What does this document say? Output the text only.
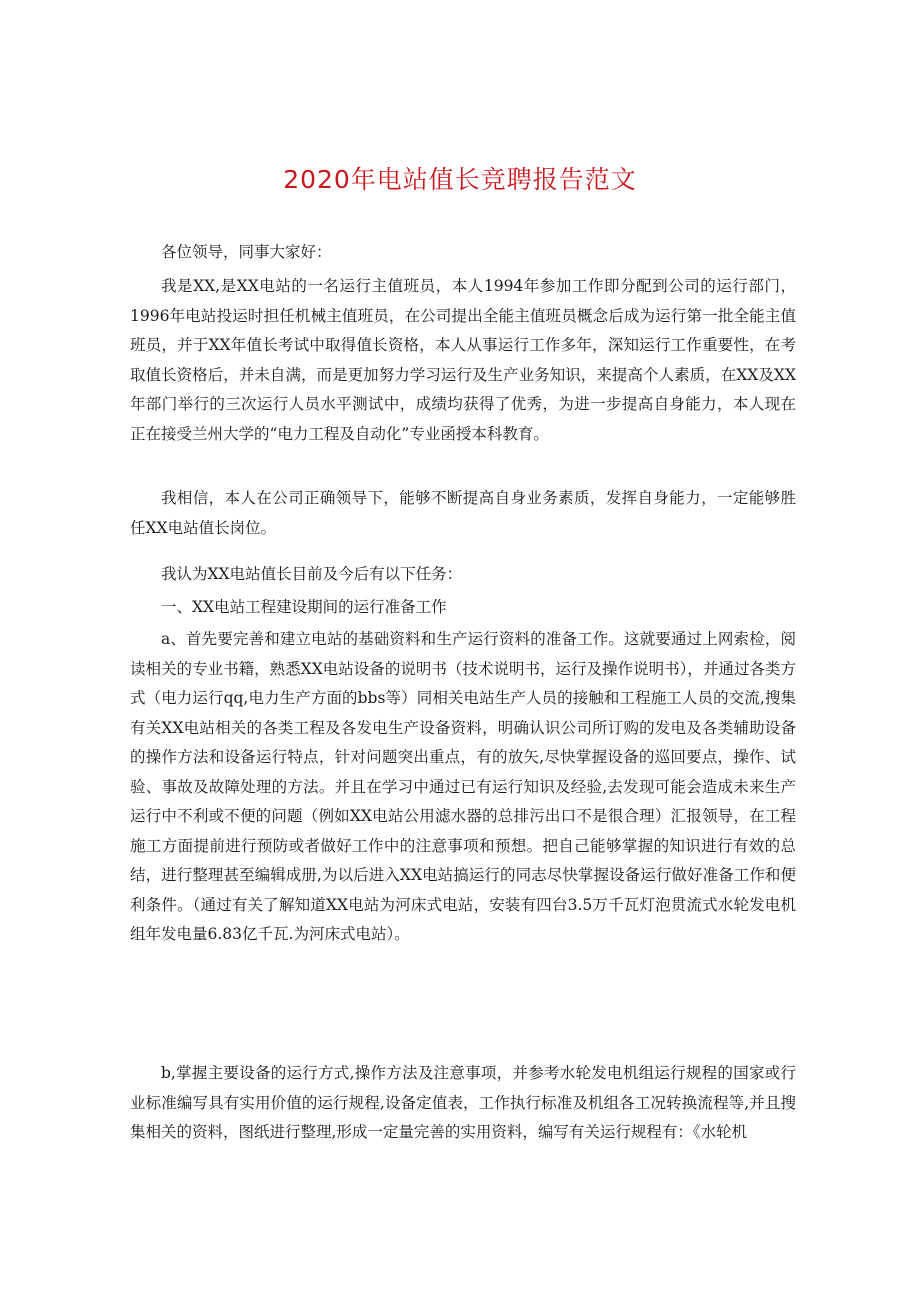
2020年电站值长竞聘报告范文

各位领导，同事大家好：

我是XX,是XX电站的一名运行主值班员，本人1994年参加工作即分配到公司的运行部门，1996年电站投运时担任机械主值班员，在公司提出全能主值班员概念后成为运行第一批全能主值班员，并于XX年值长考试中取得值长资格，本人从事运行工作多年，深知运行工作重要性，在考取值长资格后，并未自满，而是更加努力学习运行及生产业务知识，来提高个人素质，在XX及XX年部门举行的三次运行人员水平测试中，成绩均获得了优秀，为进一步提高自身能力，本人现在正在接受兰州大学的“电力工程及自动化”专业函授本科教育。

我相信，本人在公司正确领导下，能够不断提高自身业务素质，发挥自身能力，一定能够胜任XX电站值长岗位。

我认为XX电站值长目前及今后有以下任务：

一、XX电站工程建设期间的运行准备工作

a、首先要完善和建立电站的基础资料和生产运行资料的准备工作。这就要通过上网索检，阅读相关的专业书籍，熟悉XX电站设备的说明书（技术说明书，运行及操作说明书），并通过各类方式（电力运行qq,电力生产方面的bbs等）同相关电站生产人员的接触和工程施工人员的交流,搜集有关XX电站相关的各类工程及各发电生产设备资料，明确认识公司所订购的发电及各类辅助设备的操作方法和设备运行特点，针对问题突出重点，有的放矢,尽快掌握设备的巡回要点，操作、试验、事故及故障处理的方法。并且在学习中通过已有运行知识及经验,去发现可能会造成未来生产运行中不利或不便的问题（例如XX电站公用滤水器的总排污出口不是很合理）汇报领导，在工程施工方面提前进行预防或者做好工作中的注意事项和预想。把自己能够掌握的知识进行有效的总结，进行整理甚至编辑成册,为以后进入XX电站搞运行的同志尽快掌握设备运行做好准备工作和便利条件。（通过有关了解知道XX电站为河床式电站，安装有四台3.5万千瓦灯泡贯流式水轮发电机组年发电量6.83亿千瓦.为河床式电站）。

b,掌握主要设备的运行方式,操作方法及注意事项，并参考水轮发电机组运行规程的国家或行业标准编写具有实用价值的运行规程,设备定值表，工作执行标准及机组各工况转换流程等,并且搜集相关的资料，图纸进行整理,形成一定量完善的实用资料，编写有关运行规程有：《水轮机
